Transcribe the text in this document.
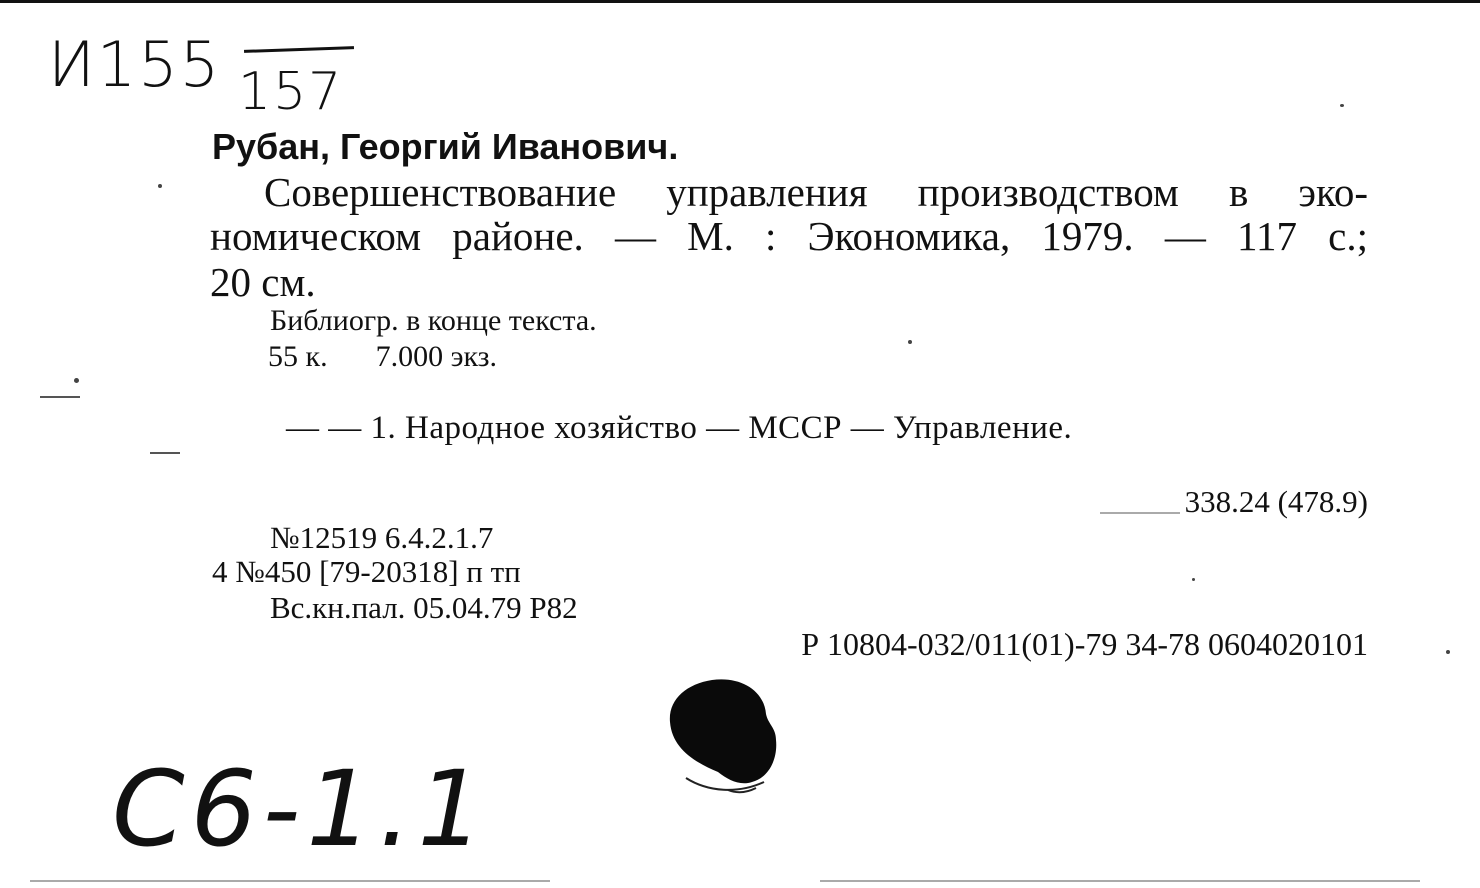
И155 157
Рубан, Георгий Иванович.
Совершенствование управления производством в эко-
номическом районе. — М. : Экономика, 1979. — 117 с.;
20 см.
Библиогр. в конце текста.
55 к. 7.000 экз.
— — 1. Народное хозяйство — МССР — Управление.
338.24 (478.9)
№12519 6.4.2.1.7
4 №450 [79-20318] п тп
Вс.кн.пал. 05.04.79 Р82
Р 10804-032/011(01)-79 34-78 0604020101
С6-1.1
